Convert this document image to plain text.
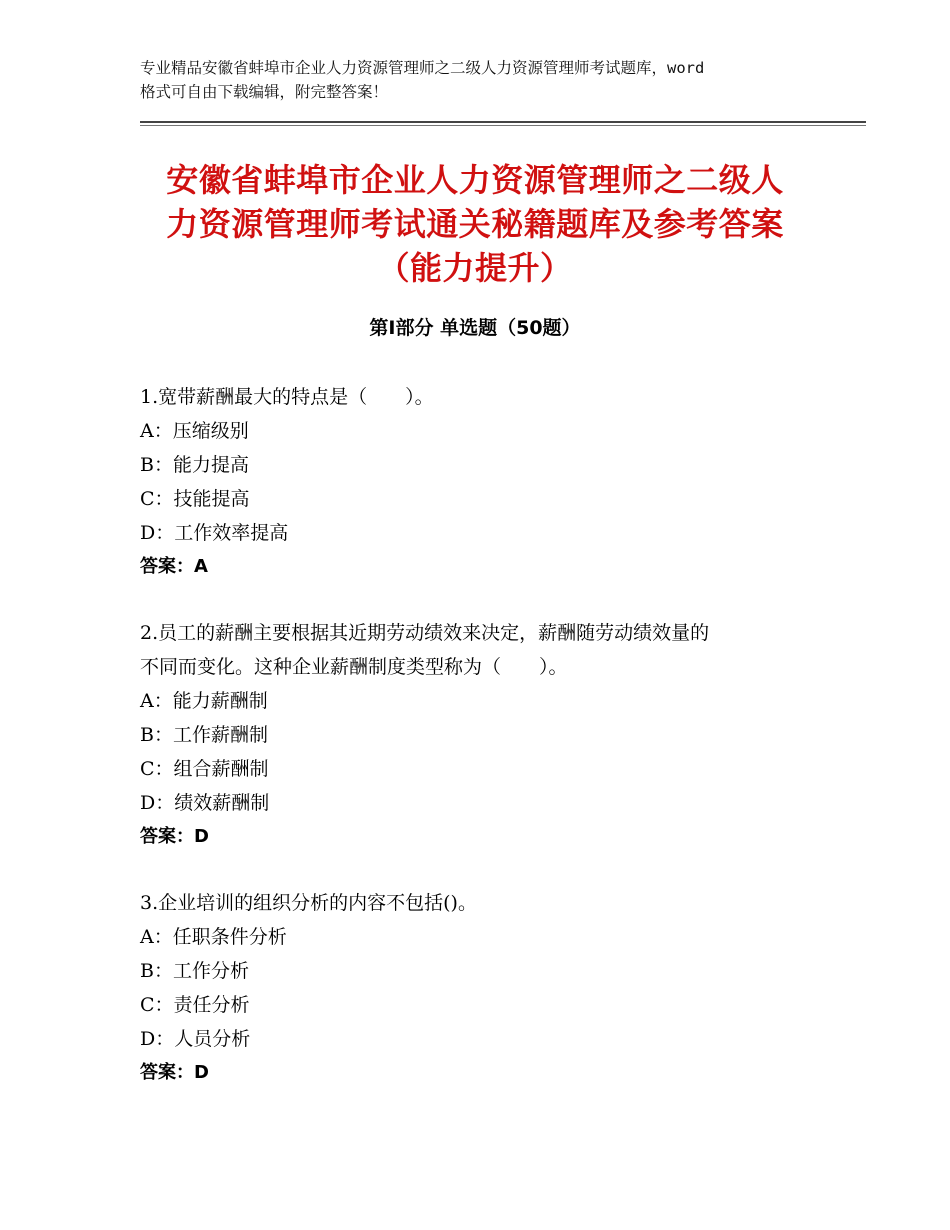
专业精品安徽省蚌埠市企业人力资源管理师之二级人力资源管理师考试题库，word
格式可自由下载编辑，附完整答案！
安徽省蚌埠市企业人力资源管理师之二级人
力资源管理师考试通关秘籍题库及参考答案
（能力提升）
第Ⅰ部分 单选题（50题）
1.宽带薪酬最大的特点是（　　）。
A：压缩级别
B：能力提高
C：技能提高
D：工作效率提高
答案：A
2.员工的薪酬主要根据其近期劳动绩效来决定，薪酬随劳动绩效量的
不同而变化。这种企业薪酬制度类型称为（　　）。
A：能力薪酬制
B：工作薪酬制
C：组合薪酬制
D：绩效薪酬制
答案：D
3.企业培训的组织分析的内容不包括()。
A：任职条件分析
B：工作分析
C：责任分析
D：人员分析
答案：D
